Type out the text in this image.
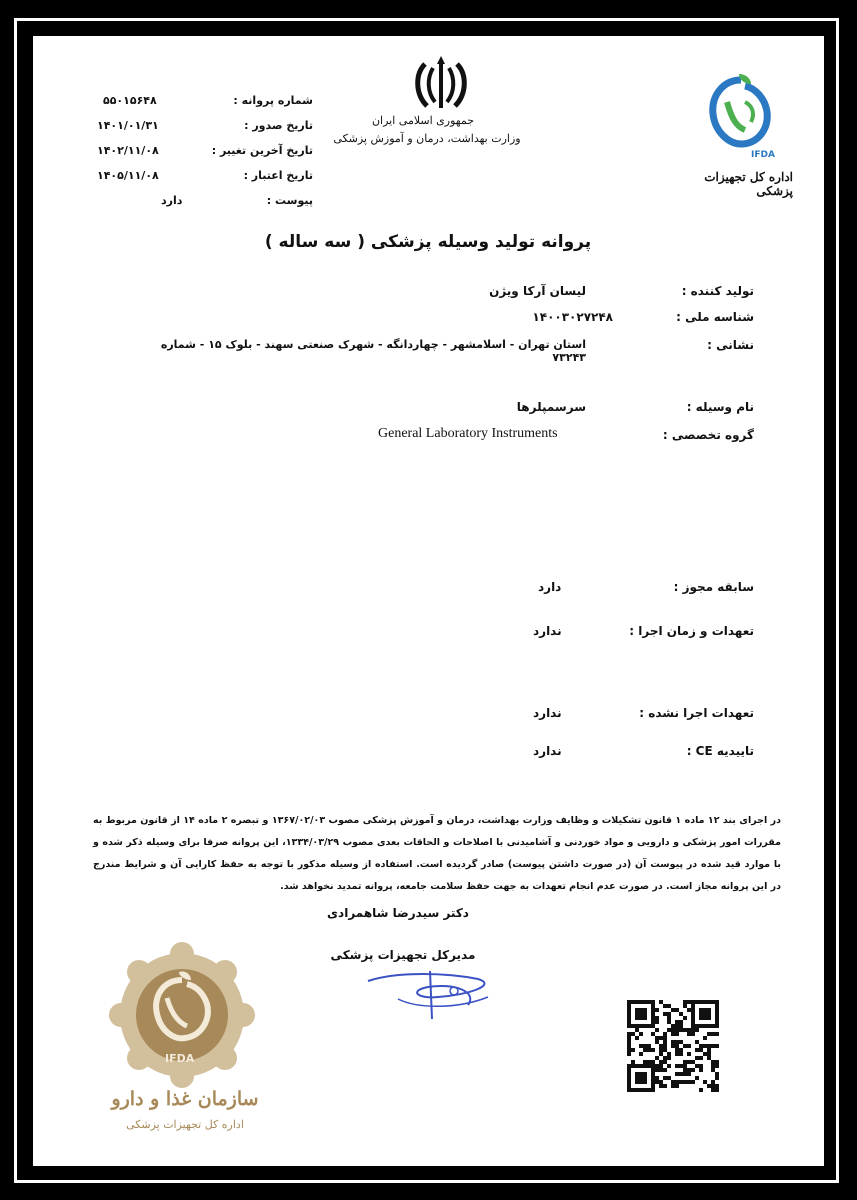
IFDA
اداره کل تجهیزات پزشکی
جمهوری اسلامی ایران
وزارت بهداشت، درمان و آموزش پزشکی
شماره پروانه :
۵۵۰۱۵۶۴۸
تاریخ صدور :
۱۴۰۱/۰۱/۳۱
تاریخ آخرین تغییر :
۱۴۰۲/۱۱/۰۸
تاریخ اعتبار :
۱۴۰۵/۱۱/۰۸
پیوست :
دارد
پروانه تولید وسیله پزشکی ( سه ساله )
تولید کننده :
لیسان آرکا ویژن
شناسه ملی :
۱۴۰۰۳۰۲۷۲۴۸
نشانی :
استان تهران - اسلامشهر - چهاردانگه - شهرک صنعتی سهند - بلوک ۱۵ - شماره ۷۳۲۴۳
نام وسیله :
سرسمپلرها
گروه تخصصی :
General Laboratory Instruments
سابقه مجوز :
دارد
تعهدات و زمان اجرا :
ندارد
تعهدات اجرا نشده :
ندارد
تاییدیه CE :
ندارد
در اجرای بند ۱۲ ماده ۱ قانون تشکیلات و وظایف وزارت بهداشت، درمان و آموزش پزشکی مصوب ۱۳۶۷/۰۲/۰۳ و تبصره ۲ ماده ۱۴ از قانون مربوط به مقررات امور پزشکی و دارویی و مواد خوردنی و آشامیدنی با اصلاحات و الحاقات بعدی مصوب ۱۳۳۴/۰۳/۲۹، این پروانه صرفا برای وسیله ذکر شده و با موارد قید شده در پیوست آن (در صورت داشتن پیوست) صادر گردیده است. استفاده از وسیله مذکور با توجه به حفظ کارایی آن و شرایط مندرج در این پروانه مجاز است. در صورت عدم انجام تعهدات به جهت حفظ سلامت جامعه، پروانه تمدید نخواهد شد.
دکتر سیدرضا شاهمرادی
مدیرکل تجهیزات پزشکی
IFDA
سازمان غذا و دارو
اداره کل تجهیزات پزشکی
